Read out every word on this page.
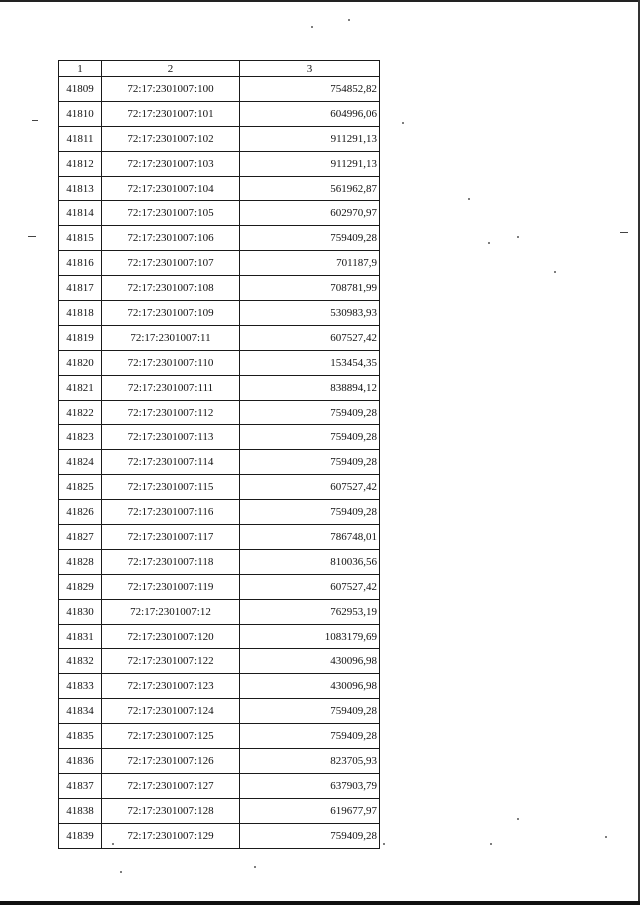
1	2	3
41809	72:17:2301007:100	754852,82
41810	72:17:2301007:101	604996,06
41811	72:17:2301007:102	911291,13
41812	72:17:2301007:103	911291,13
41813	72:17:2301007:104	561962,87
41814	72:17:2301007:105	602970,97
41815	72:17:2301007:106	759409,28
41816	72:17:2301007:107	701187,9
41817	72:17:2301007:108	708781,99
41818	72:17:2301007:109	530983,93
41819	72:17:2301007:11	607527,42
41820	72:17:2301007:110	153454,35
41821	72:17:2301007:111	838894,12
41822	72:17:2301007:112	759409,28
41823	72:17:2301007:113	759409,28
41824	72:17:2301007:114	759409,28
41825	72:17:2301007:115	607527,42
41826	72:17:2301007:116	759409,28
41827	72:17:2301007:117	786748,01
41828	72:17:2301007:118	810036,56
41829	72:17:2301007:119	607527,42
41830	72:17:2301007:12	762953,19
41831	72:17:2301007:120	1083179,69
41832	72:17:2301007:122	430096,98
41833	72:17:2301007:123	430096,98
41834	72:17:2301007:124	759409,28
41835	72:17:2301007:125	759409,28
41836	72:17:2301007:126	823705,93
41837	72:17:2301007:127	637903,79
41838	72:17:2301007:128	619677,97
41839	72:17:2301007:129	759409,28
